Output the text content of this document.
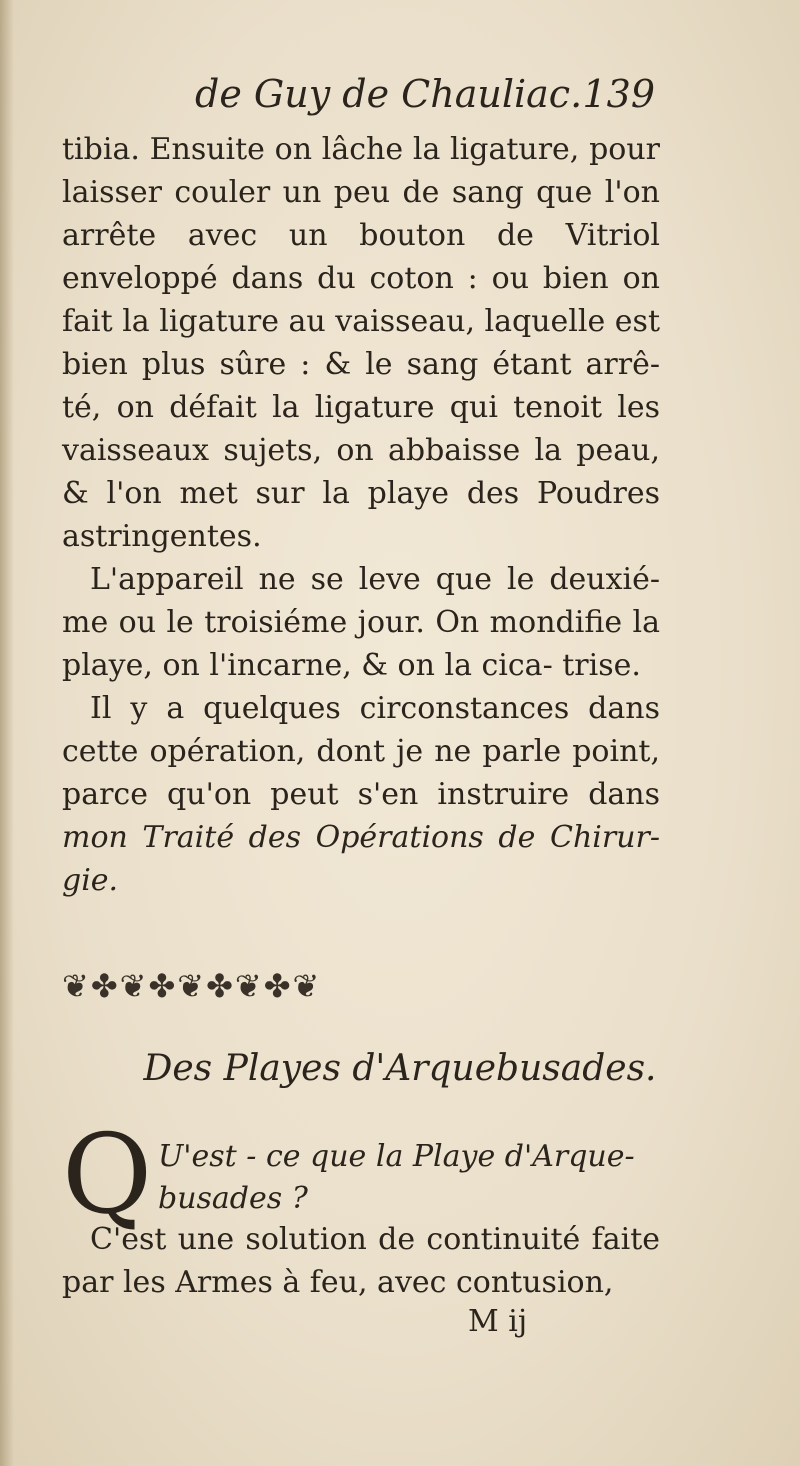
de Guy de Chauliac. 139

tibia. Ensuite on lâche la ligature, pour laisser couler un peu de sang que l'on arrête avec un bouton de Vitriol enveloppé dans du coton : ou bien on fait la ligature au vaisseau, laquelle est bien plus sûre : & le sang étant arrê- té, on défait la ligature qui tenoit les vaisseaux sujets, on abbaisse la peau, & l'on met sur la playe des Poudres astringentes.

L'appareil ne se leve que le deuxié- me ou le troisiéme jour. On mondifie la playe, on l'incarne, & on la cica- trise.

Il y a quelques circonstances dans cette opération, dont je ne parle point, parce qu'on peut s'en instruire dans mon Traité des Opérations de Chirur- gie.

❦✤❦✤❦✤❦✤❦
Des Playes d'Arquebusades.
Q U'est - ce que la Playe d'Arque- busades ?

C'est une solution de continuité faite par les Armes à feu, avec contusion,

M ij
